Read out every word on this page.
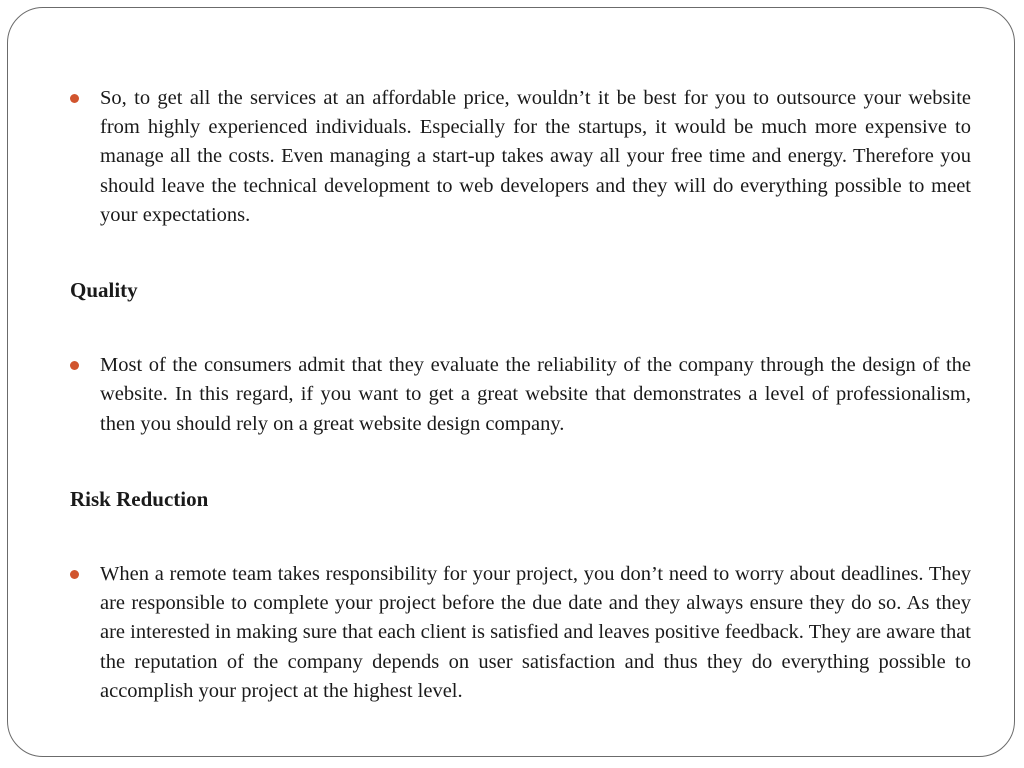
So, to get all the services at an affordable price, wouldn’t it be best for you to outsource your website from highly experienced individuals. Especially for the startups, it would be much more expensive to manage all the costs. Even managing a start-up takes away all your free time and energy. Therefore you should leave the technical development to web developers and they will do everything possible to meet your expectations.
Quality
Most of the consumers admit that they evaluate the reliability of the company through the design of the website. In this regard, if you want to get a great website that demonstrates a level of professionalism, then you should rely on a great website design company.
Risk Reduction
When a remote team takes responsibility for your project, you don’t need to worry about deadlines. They are responsible to complete your project before the due date and they always ensure they do so. As they are interested in making sure that each client is satisfied and leaves positive feedback. They are aware that the reputation of the company depends on user satisfaction and thus they do everything possible to accomplish your project at the highest level.
